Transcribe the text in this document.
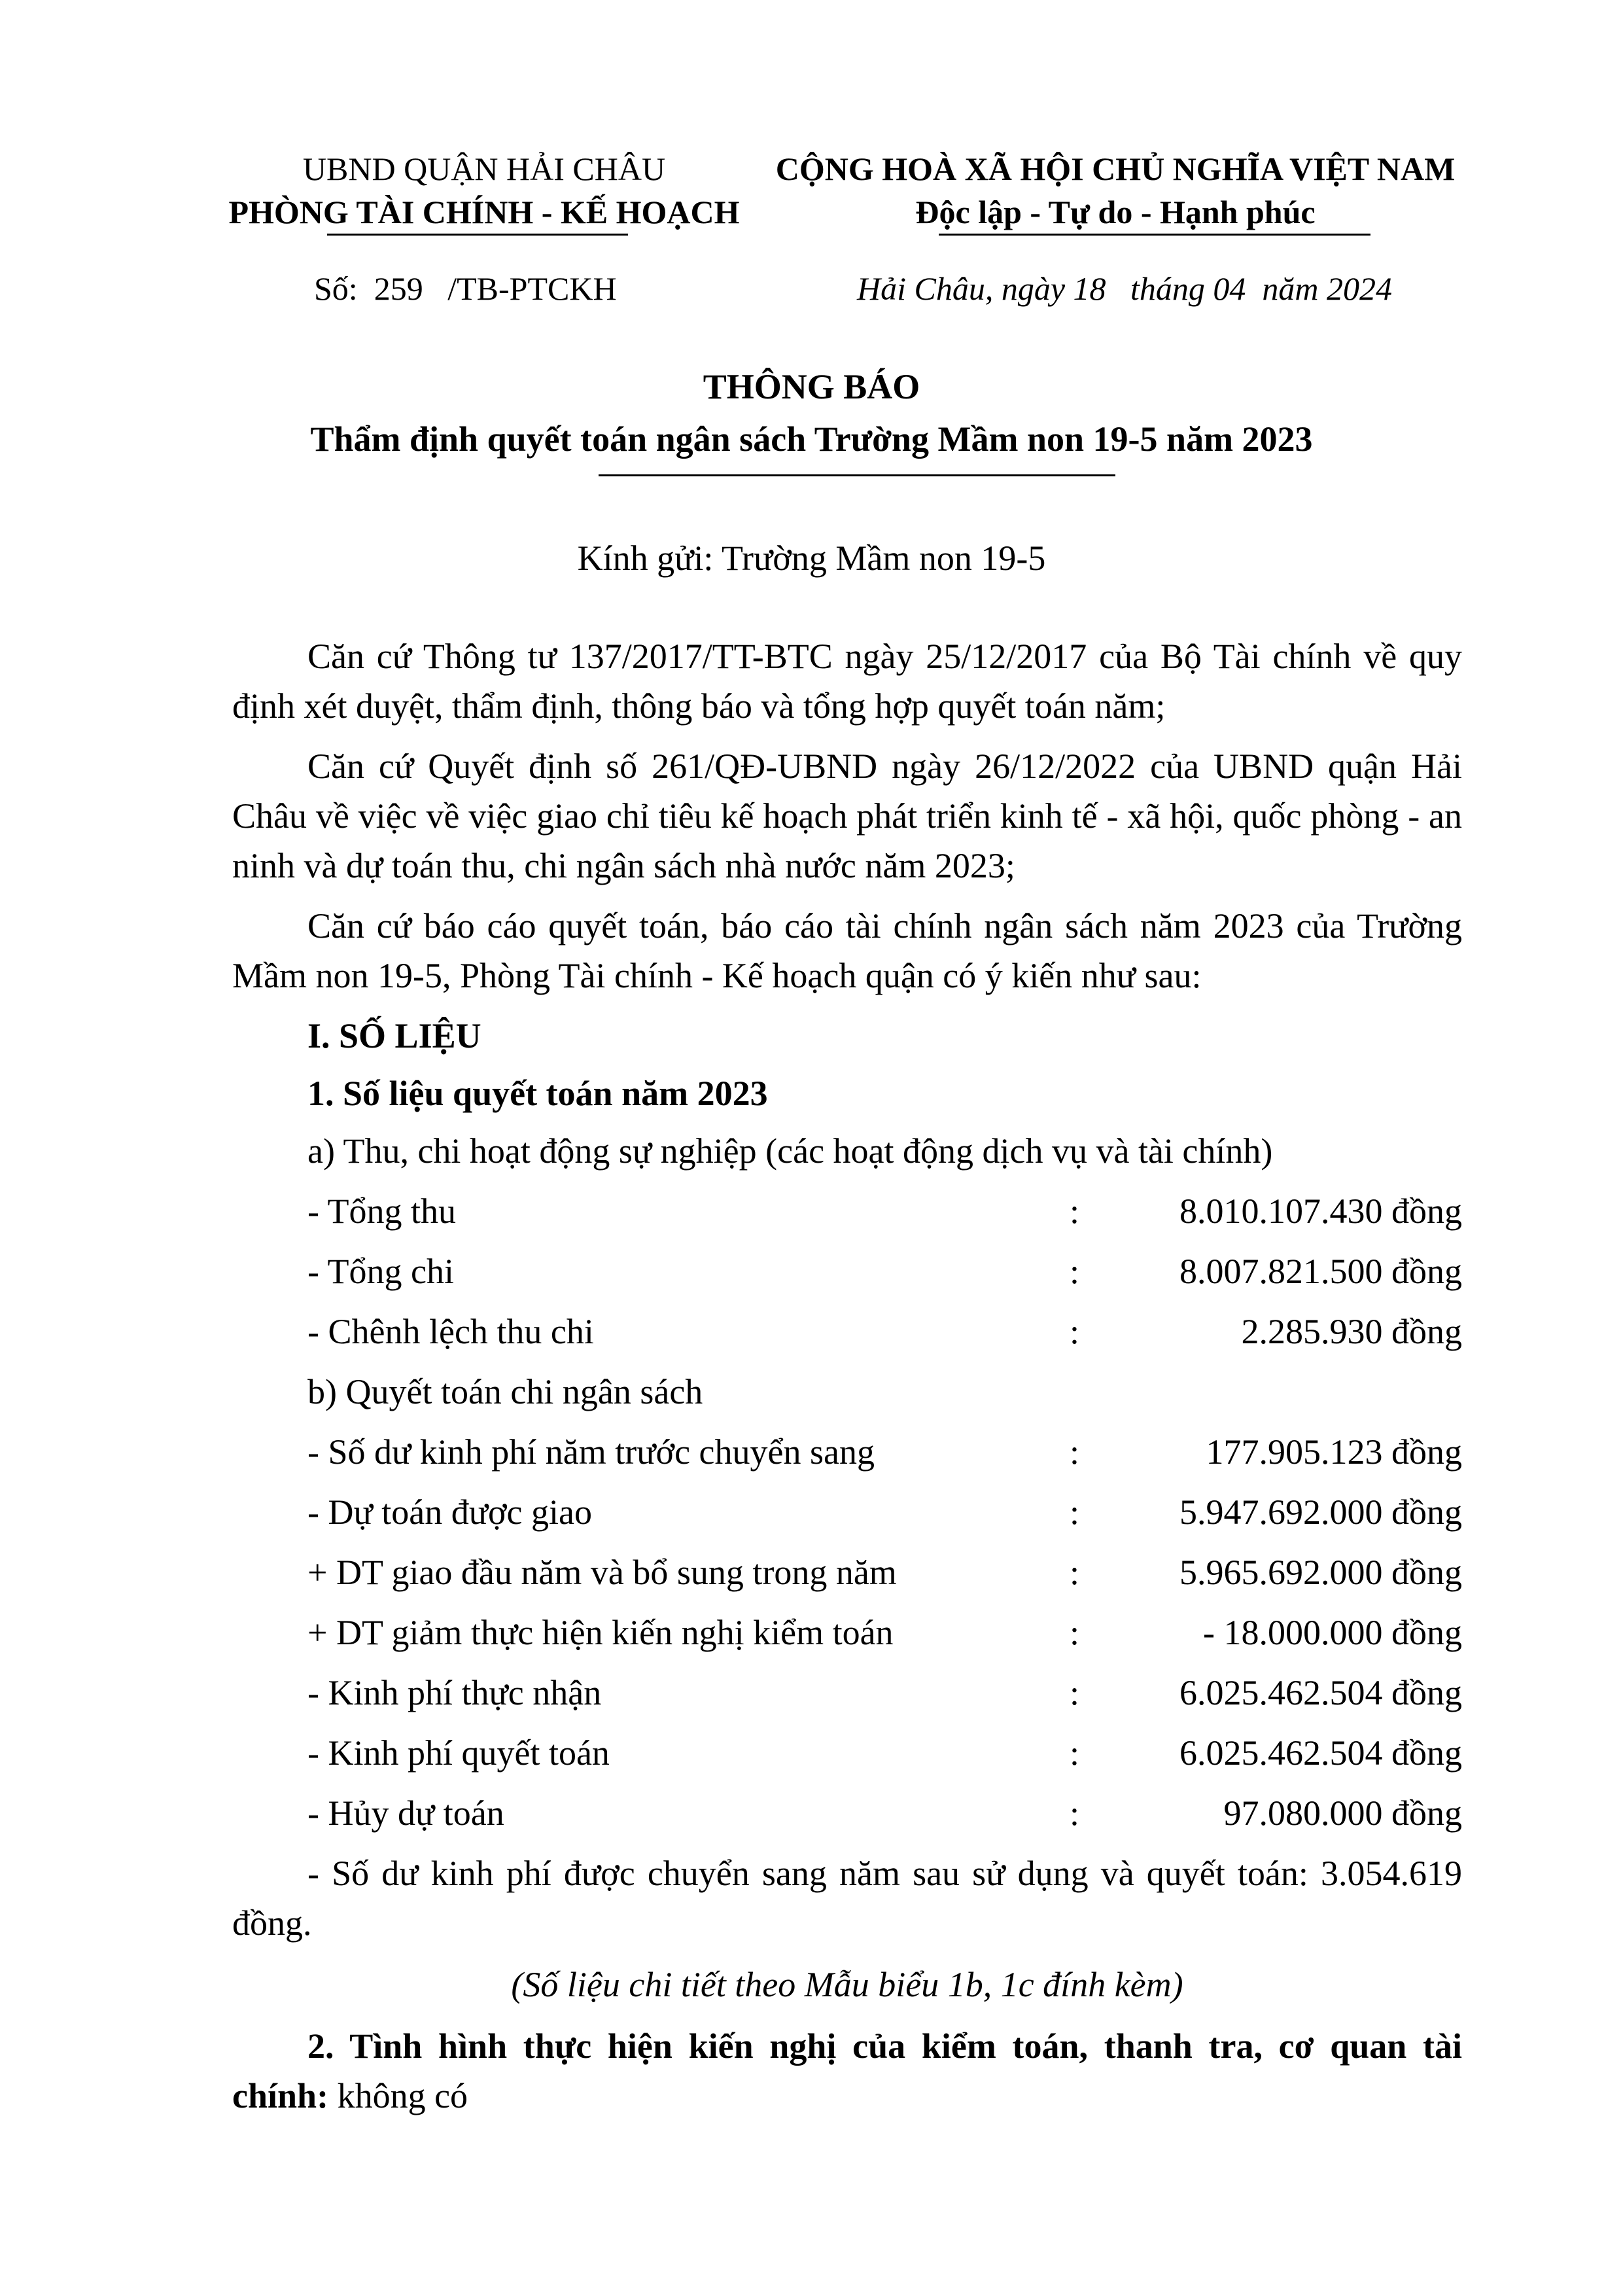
UBND QUẬN HẢI CHÂU
PHÒNG TÀI CHÍNH - KẾ HOẠCH
CỘNG HOÀ XÃ HỘI CHỦ NGHĨA VIỆT NAM
Độc lập - Tự do - Hạnh phúc
Số:  259   /TB-PTCKH	Hải Châu, ngày 18   tháng 04  năm 2024
THÔNG BÁO
Thẩm định quyết toán ngân sách Trường Mầm non 19-5 năm 2023
Kính gửi: Trường Mầm non 19-5

Căn cứ Thông tư 137/2017/TT-BTC ngày 25/12/2017 của Bộ Tài chính về quy định xét duyệt, thẩm định, thông báo và tổng hợp quyết toán năm;

Căn cứ Quyết định số 261/QĐ-UBND ngày 26/12/2022 của UBND quận Hải Châu về việc về việc giao chỉ tiêu kế hoạch phát triển kinh tế - xã hội, quốc phòng - an ninh và dự toán thu, chi ngân sách nhà nước năm 2023;

Căn cứ báo cáo quyết toán, báo cáo tài chính ngân sách năm 2023 của Trường Mầm non 19-5, Phòng Tài chính - Kế hoạch quận có ý kiến như sau:

I. SỐ LIỆU
1. Số liệu quyết toán năm 2023
a) Thu, chi hoạt động sự nghiệp (các hoạt động dịch vụ và tài chính)
- Tổng thu	:	8.010.107.430 đồng
- Tổng chi	:	8.007.821.500 đồng
- Chênh lệch thu chi	:	2.285.930 đồng
b) Quyết toán chi ngân sách
- Số dư kinh phí năm trước chuyển sang	:	177.905.123 đồng
- Dự toán được giao	:	5.947.692.000 đồng
+ DT giao đầu năm và bổ sung trong năm	:	5.965.692.000 đồng
+ DT giảm thực hiện kiến nghị kiểm toán	:	- 18.000.000 đồng
- Kinh phí thực nhận	:	6.025.462.504 đồng
- Kinh phí quyết toán	:	6.025.462.504 đồng
- Hủy dự toán	:	97.080.000 đồng

- Số dư kinh phí được chuyển sang năm sau sử dụng và quyết toán: 3.054.619 đồng.

(Số liệu chi tiết theo Mẫu biểu 1b, 1c đính kèm)

2. Tình hình thực hiện kiến nghị của kiểm toán, thanh tra, cơ quan tài chính: không có
